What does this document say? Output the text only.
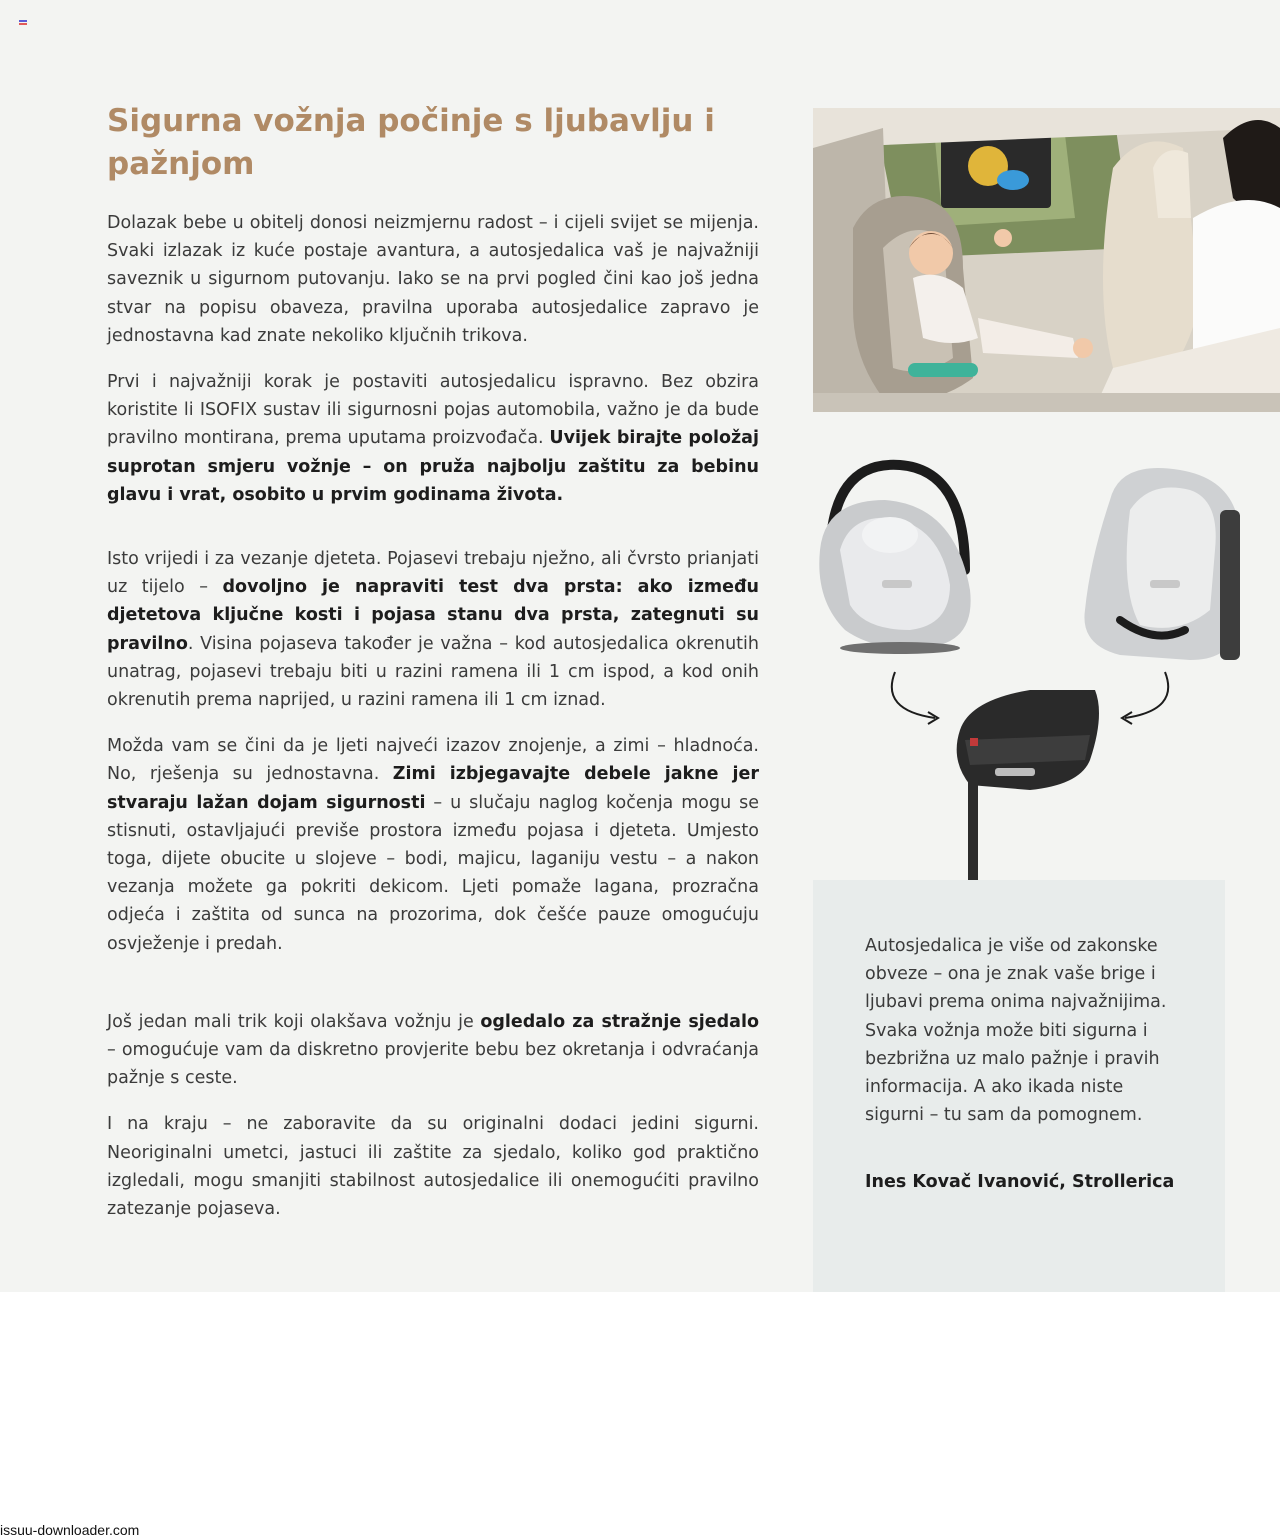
Sigurna vožnja počinje s ljubavlju i pažnjom

Dolazak bebe u obitelj donosi neizmjernu radost – i cijeli svijet se mijenja. Svaki izlazak iz kuće postaje avantura, a autosjedalica vaš je najvažniji saveznik u sigurnom putovanju. Iako se na prvi pogled čini kao još jedna stvar na popisu obaveza, pravilna uporaba autosjedalice zapravo je jednostavna kad znate nekoliko ključnih trikova.

Prvi i najvažniji korak je postaviti autosjedalicu ispravno. Bez obzira koristite li ISOFIX sustav ili sigurnosni pojas automobila, važno je da bude pravilno montirana, prema uputama proizvođača. Uvijek birajte položaj suprotan smjeru vožnje – on pruža najbolju zaštitu za bebinu glavu i vrat, osobito u prvim godinama života.

Isto vrijedi i za vezanje djeteta. Pojasevi trebaju nježno, ali čvrsto prianjati uz tijelo – dovoljno je napraviti test dva prsta: ako između djetetova ključne kosti i pojasa stanu dva prsta, zategnuti su pravilno. Visina pojaseva također je važna – kod autosjedalica okrenutih unatrag, pojasevi trebaju biti u razini ramena ili 1 cm ispod, a kod onih okrenutih prema naprijed, u razini ramena ili 1 cm iznad.

Možda vam se čini da je ljeti najveći izazov znojenje, a zimi – hladnoća. No, rješenja su jednostavna. Zimi izbjegavajte debele jakne jer stvaraju lažan dojam sigurnosti – u slučaju naglog kočenja mogu se stisnuti, ostavljajući previše prostora između pojasa i djeteta. Umjesto toga, dijete obucite u slojeve – bodi, majicu, laganiju vestu – a nakon vezanja možete ga pokriti dekicom. Ljeti pomaže lagana, prozračna odjeća i zaštita od sunca na prozorima, dok češće pauze omogućuju osvježenje i predah.

Još jedan mali trik koji olakšava vožnju je ogledalo za stražnje sjedalo – omogućuje vam da diskretno provjerite bebu bez okretanja i odvraćanja pažnje s ceste.

I na kraju – ne zaboravite da su originalni dodaci jedini sigurni. Neoriginalni umetci, jastuci ili zaštite za sjedalo, koliko god praktično izgledali, mogu smanjiti stabilnost autosjedalice ili onemogućiti pravilno zatezanje pojaseva.

Autosjedalica je više od zakonske obveze – ona je znak vaše brige i ljubavi prema onima najvažnijima. Svaka vožnja može biti sigurna i bezbrižna uz malo pažnje i pravih informacija. A ako ikada niste sigurni – tu sam da pomognem.

Ines Kovač Ivanović, Strollerica

issuu-downloader.com
